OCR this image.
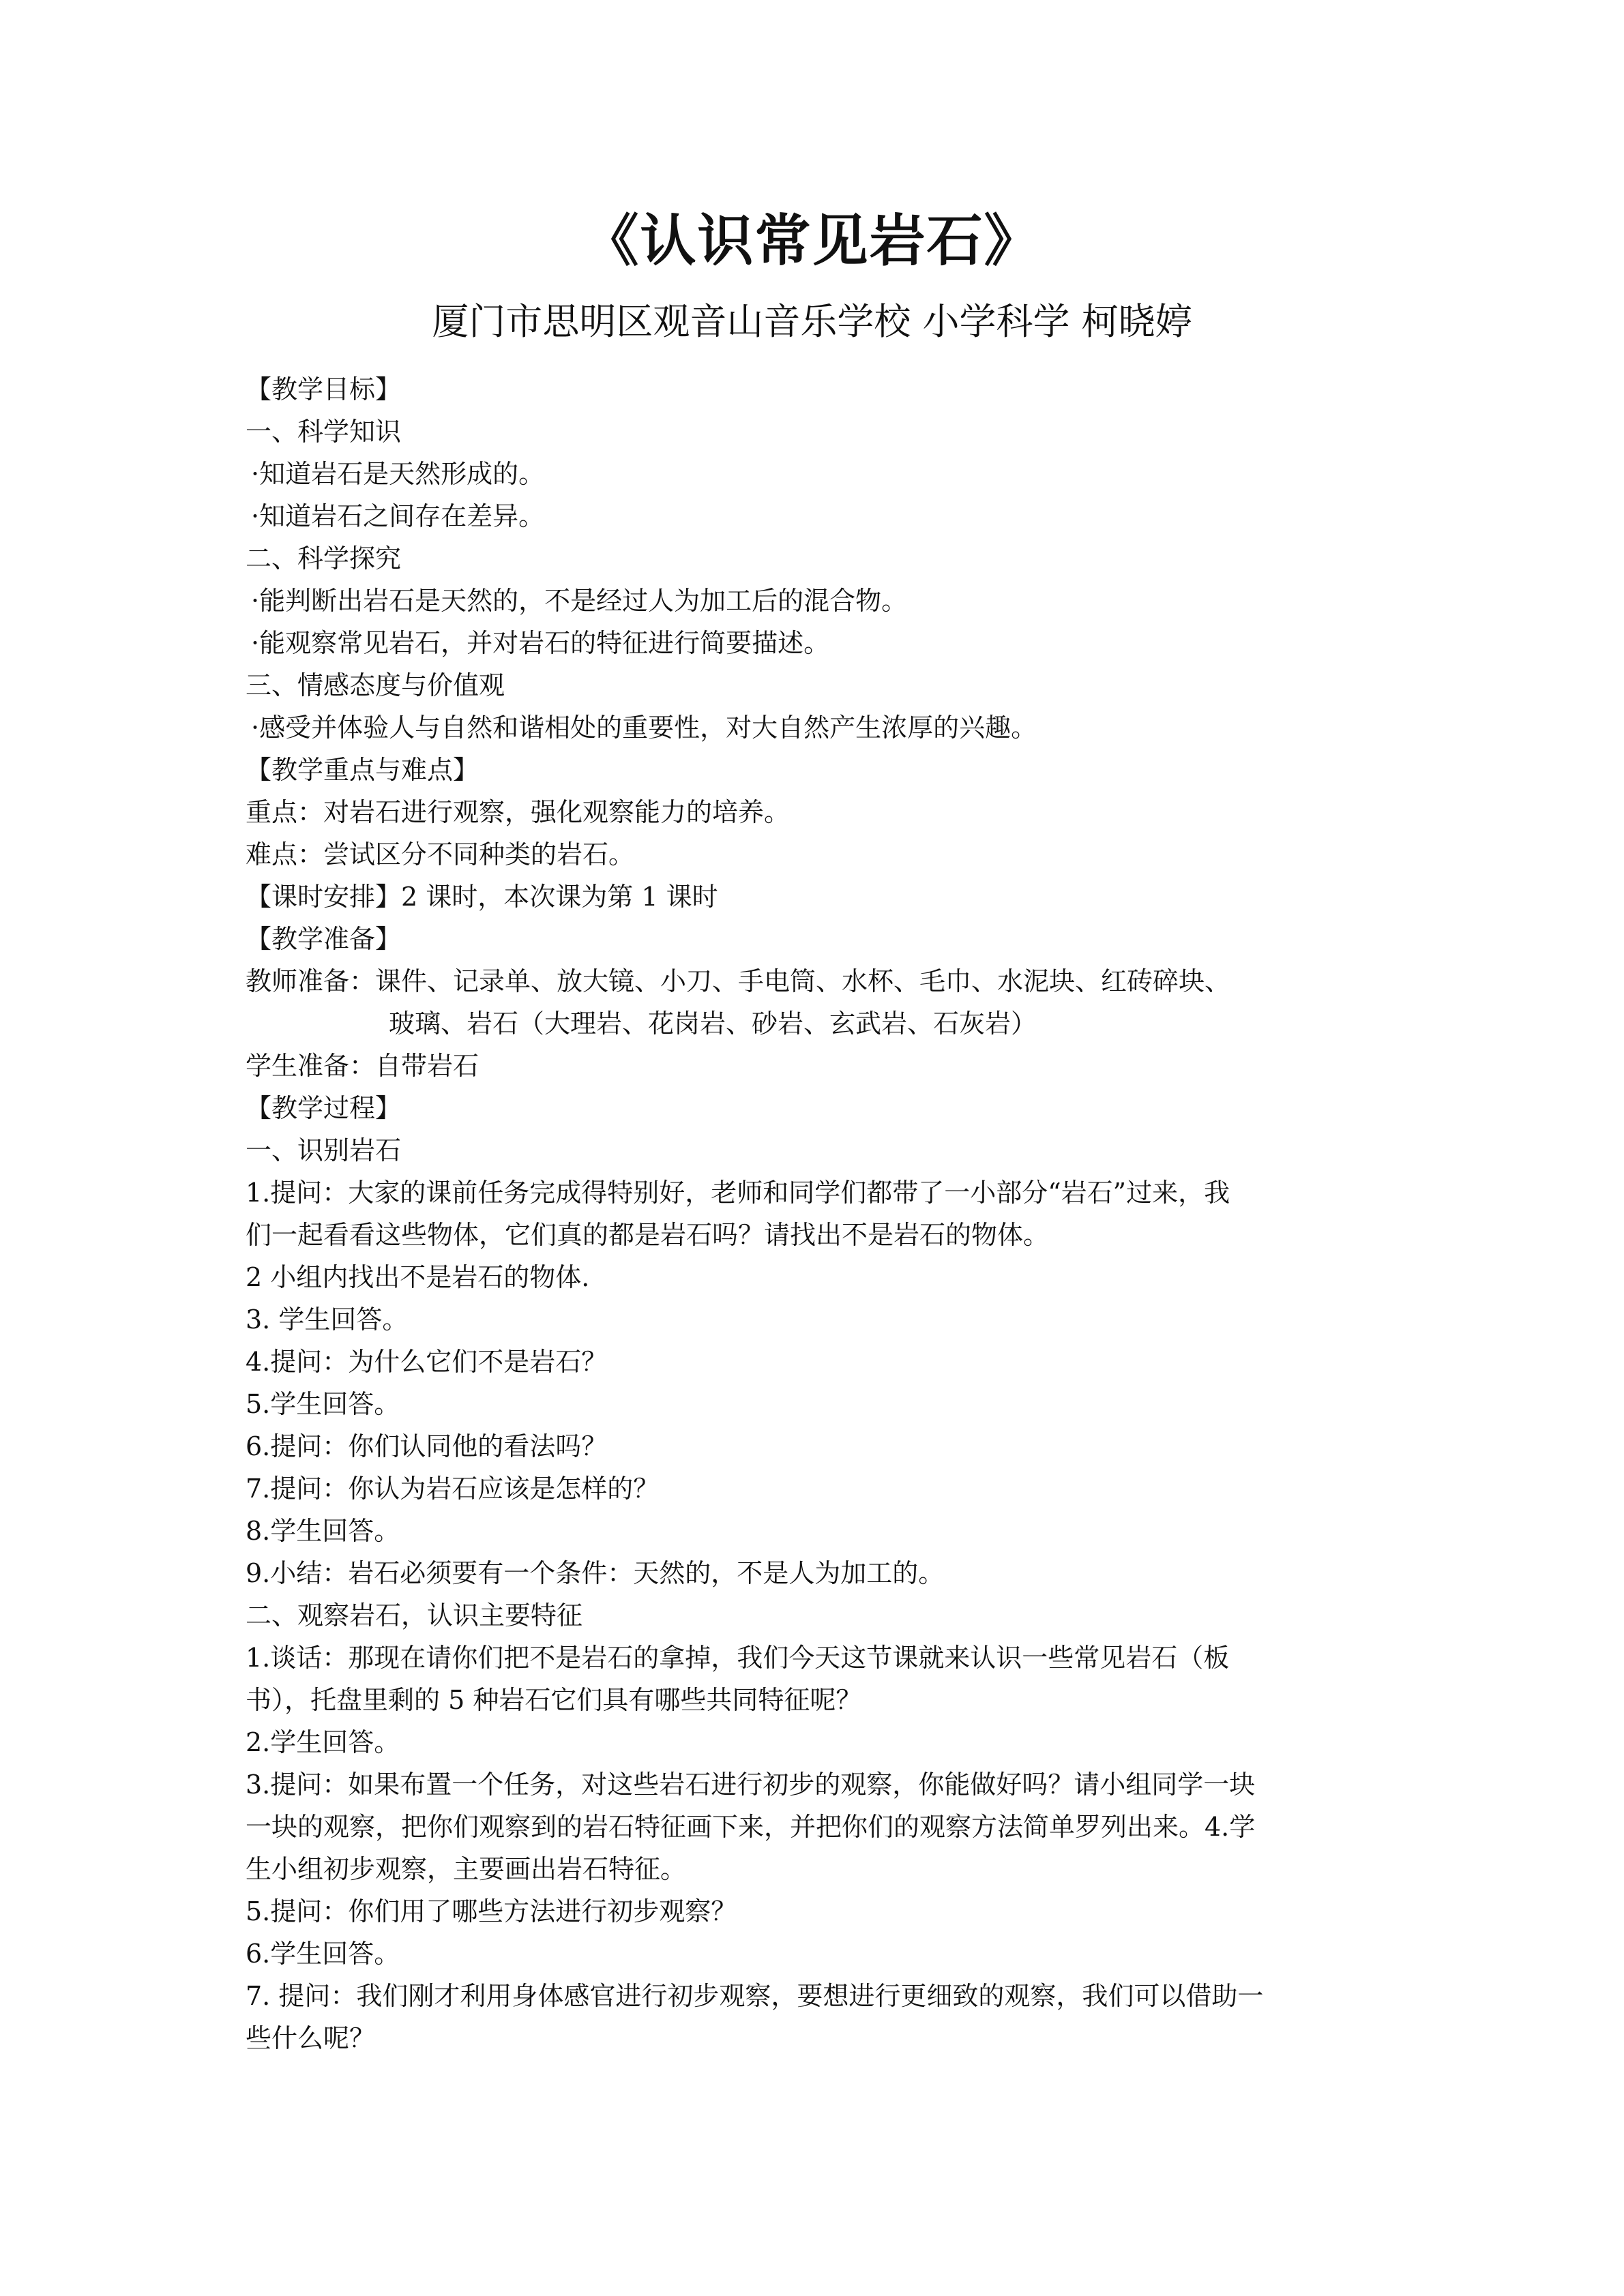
《认识常见岩石》
厦门市思明区观音山音乐学校 小学科学 柯晓婷
【教学目标】
一、科学知识
·知道岩石是天然形成的。
·知道岩石之间存在差异。
二、科学探究
·能判断出岩石是天然的，不是经过人为加工后的混合物。
·能观察常见岩石，并对岩石的特征进行简要描述。
三、情感态度与价值观
·感受并体验人与自然和谐相处的重要性，对大自然产生浓厚的兴趣。
【教学重点与难点】
重点：对岩石进行观察，强化观察能力的培养。
难点：尝试区分不同种类的岩石。
【课时安排】2 课时，本次课为第 1 课时
【教学准备】
教师准备：课件、记录单、放大镜、小刀、手电筒、水杯、毛巾、水泥块、红砖碎块、
玻璃、岩石（大理岩、花岗岩、砂岩、玄武岩、石灰岩）
学生准备：自带岩石
【教学过程】
一、识别岩石
1.提问：大家的课前任务完成得特别好，老师和同学们都带了一小部分“岩石”过来，我
们一起看看这些物体，它们真的都是岩石吗？请找出不是岩石的物体。
2 小组内找出不是岩石的物体.
3. 学生回答。
4.提问：为什么它们不是岩石？
5.学生回答。
6.提问：你们认同他的看法吗？
7.提问：你认为岩石应该是怎样的？
8.学生回答。
9.小结：岩石必须要有一个条件：天然的，不是人为加工的。
二、观察岩石，认识主要特征
1.谈话：那现在请你们把不是岩石的拿掉，我们今天这节课就来认识一些常见岩石（板
书），托盘里剩的 5 种岩石它们具有哪些共同特征呢？
2.学生回答。
3.提问：如果布置一个任务，对这些岩石进行初步的观察，你能做好吗？请小组同学一块
一块的观察，把你们观察到的岩石特征画下来，并把你们的观察方法简单罗列出来。4.学
生小组初步观察，主要画出岩石特征。
5.提问：你们用了哪些方法进行初步观察？
6.学生回答。
7. 提问：我们刚才利用身体感官进行初步观察，要想进行更细致的观察，我们可以借助一
些什么呢？
